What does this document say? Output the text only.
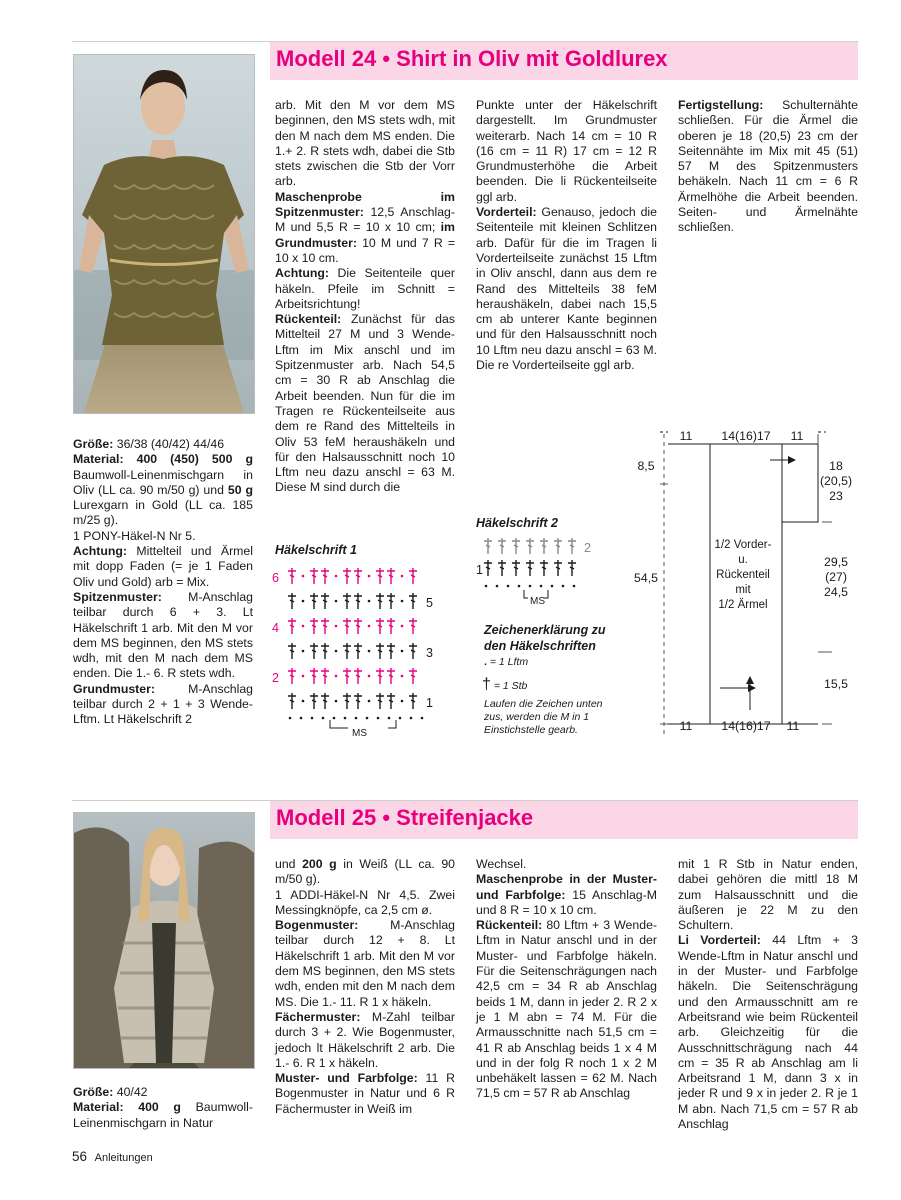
Modell 24 • Shirt in Oliv mit Goldlurex

Größe: 36/38 (40/42) 44/46

Material: 400 (450) 500 g Baumwoll-Leinenmischgarn in Oliv (LL ca. 90 m/50 g) und 50 g Lurexgarn in Gold (LL ca. 185 m/25 g).

1 PONY-Häkel-N Nr 5.

Achtung: Mittelteil und Ärmel mit dopp Faden (= je 1 Faden Oliv und Gold) arb = Mix.

Spitzenmuster: M-Anschlag teilbar durch 6 + 3. Lt Häkelschrift 1 arb. Mit den M vor dem MS beginnen, den MS stets wdh, mit den M nach dem MS enden. Die 1.- 6. R stets wdh.

Grundmuster: M-Anschlag teilbar durch 2 + 1 + 3 Wende-Lftm. Lt Häkelschrift 2

arb. Mit den M vor dem MS beginnen, den MS stets wdh, mit den M nach dem MS enden. Die 1.+ 2. R stets wdh, dabei die Stb stets zwischen die Stb der Vorr arb.

Maschenprobe im Spitzenmuster: 12,5 Anschlag-M und 5,5 R = 10 x 10 cm; im Grundmuster: 10 M und 7 R = 10 x 10 cm.

Achtung: Die Seitenteile quer häkeln. Pfeile im Schnitt = Arbeitsrichtung!

Rückenteil: Zunächst für das Mittelteil 27 M und 3 Wende-Lftm im Mix anschl und im Spitzenmuster arb. Nach 54,5 cm = 30 R ab Anschlag die Arbeit beenden. Nun für die im Tragen re Rückenteilseite aus dem re Rand des Mittelteils in Oliv 53 feM heraushäkeln und für den Halsausschnitt noch 10 Lftm neu dazu anschl = 63 M. Diese M sind durch die

Punkte unter der Häkelschrift dargestellt. Im Grundmuster weiterarb. Nach 14 cm = 10 R (16 cm = 11 R) 17 cm = 12 R Grundmusterhöhe die Arbeit beenden. Die li Rückenteilseite ggl arb.

Vorderteil: Genauso, jedoch die Seitenteile mit kleinen Schlitzen arb. Dafür für die im Tragen li Vorderteilseite zunächst 15 Lftm in Oliv anschl, dann aus dem re Rand des Mittelteils 38 feM heraushäkeln, dabei nach 15,5 cm ab unterer Kante beginnen und für den Halsausschnitt noch 10 Lftm neu dazu anschl = 63 M. Die re Vorderteilseite ggl arb.

Fertigstellung: Schulternähte schließen. Für die Ärmel die oberen je 18 (20,5) 23 cm der Seitennähte im Mix mit 45 (51) 57 M des Spitzenmusters behäkeln. Nach 11 cm = 6 R Ärmelhöhe die Arbeit beenden. Seiten- und Ärmelnähte schließen.

Häkelschrift 1
6
4
2
5
3
1
MS
Häkelschrift 2
1
2
MS
Zeichenerklärung zu den Häkelschriften
. = 1 Lftm
† = 1 Stb
Laufen die Zeichen unten zus, werden die M in 1 Einstichstelle gearb.
11 14(16)17 11
11 14(16)17 11
8,5
54,5
18
(20,5)
23
29,5
(27)
24,5
15,5
1/2 Vorder-
u.
Rückenteil
mit
1/2 Ärmel
Modell 25 • Streifenjacke

Größe: 40/42

Material: 400 g Baumwoll-Leinenmischgarn in Natur

und 200 g in Weiß (LL ca. 90 m/50 g).

1 ADDI-Häkel-N Nr 4,5. Zwei Messingknöpfe, ca 2,5 cm ø.

Bogenmuster: M-Anschlag teilbar durch 12 + 8. Lt Häkelschrift 1 arb. Mit den M vor dem MS beginnen, den MS stets wdh, enden mit den M nach dem MS. Die 1.- 11. R 1 x häkeln.

Fächermuster: M-Zahl teilbar durch 3 + 2. Wie Bogenmuster, jedoch lt Häkelschrift 2 arb. Die 1.- 6. R 1 x häkeln.

Muster- und Farbfolge: 11 R Bogenmuster in Natur und 6 R Fächermuster in Weiß im

Wechsel.

Maschenprobe in der Muster- und Farbfolge: 15 Anschlag-M und 8 R = 10 x 10 cm.

Rückenteil: 80 Lftm + 3 Wende-Lftm in Natur anschl und in der Muster- und Farbfolge häkeln. Für die Seitenschrägungen nach 42,5 cm = 34 R ab Anschlag beids 1 M, dann in jeder 2. R 2 x je 1 M abn = 74 M. Für die Armausschnitte nach 51,5 cm = 41 R ab Anschlag beids 1 x 4 M und in der folg R noch 1 x 2 M unbehäkelt lassen = 62 M. Nach 71,5 cm = 57 R ab Anschlag

mit 1 R Stb in Natur enden, dabei gehören die mittl 18 M zum Halsausschnitt und die äußeren je 22 M zu den Schultern.

Li Vorderteil: 44 Lftm + 3 Wende-Lftm in Natur anschl und in der Muster- und Farbfolge häkeln. Die Seitenschrägung und den Armausschnitt am re Arbeitsrand wie beim Rückenteil arb. Gleichzeitig für die Ausschnittschrägung nach 44 cm = 35 R ab Anschlag am li Arbeitsrand 1 M, dann 3 x in jeder R und 9 x in jeder 2. R je 1 M abn. Nach 71,5 cm = 57 R ab Anschlag

56 Anleitungen
